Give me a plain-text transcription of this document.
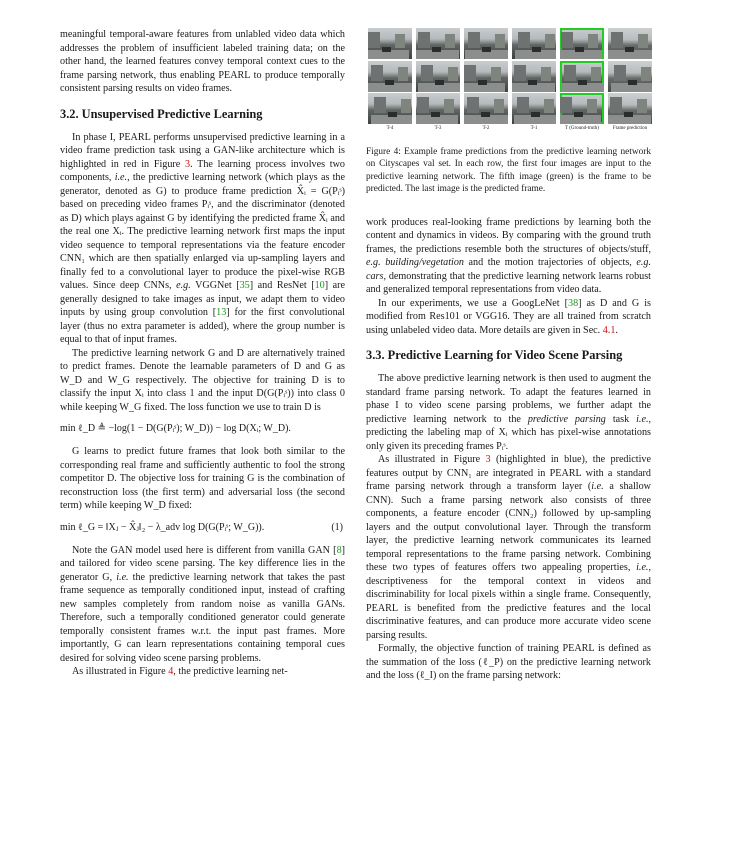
meaningful temporal-aware features from unlabled video data which addresses the problem of insufficient labeled training data; on the other hand, the learned features convey temporal context cues to the frame parsing network, thus enabling PEARL to produce temporally consistent parsing results on video frames.

3.2. Unsupervised Predictive Learning

In phase I, PEARL performs unsupervised predictive learning in a video frame prediction task using a GAN-like architecture which is highlighted in red in Figure 3. The learning process involves two components, i.e., the predictive learning network (which plays as the generator, denoted as G) to produce frame prediction X̂ᵢ = G(Pᵢˢ) based on preceding video frames Pᵢˢ, and the discriminator (denoted as D) which plays against G by identifying the predicted frame X̂ᵢ and the real one Xᵢ. The predictive learning network first maps the input video sequence to temporal representations via the feature encoder CNN₁ which are then spatially enlarged via up-sampling layers and finally fed to a convolutional layer to produce the pixel-wise RGB values. Since deep CNNs, e.g. VGGNet [35] and ResNet [10] are generally designed to take images as input, we adapt them to video inputs by using group convolution [13] for the first convolutional layer (thus no extra parameter is added), where the group number is equal to that of input frames.

The predictive learning network G and D are alternatively trained to predict frames. Denote the learnable parameters of D and G as W_D and W_G respectively. The objective for training D is to classify the input Xᵢ into class 1 and the input D(G(Pᵢˢ)) into class 0 while keeping W_G fixed. The loss function we use to train D is

min ℓ_D ≜ −log(1 − D(G(Pᵢˢ); W_D)) − log D(Xᵢ; W_D).

G learns to predict future frames that look both similar to the corresponding real frame and sufficiently authentic to fool the strong competitor D. The objective loss for training G is the combination of reconstruction loss (the first term) and adversarial loss (the second term) while keeping W_D fixed:

min ℓ_G = ‖Xⱼ − X̂ⱼ‖₂ − λ_adv log D(G(Pᵢˢ; W_G)).	(1)

Note the GAN model used here is different from vanilla GAN [8] and tailored for video scene parsing. The key difference lies in the generator G, i.e. the predictive learning network that takes the past frame sequence as temporally conditioned input, instead of crafting new samples completely from random noise as vanilla GANs. Therefore, such a temporally conditioned generator could generate temporally consistent frames w.r.t. the input past frames. More importantly, G can learn representations containing temporal cues desired for solving video scene parsing problems.

As illustrated in Figure 4, the predictive learning net-

T-4	T-3	T-2	T-1	T (Ground-truth)	Frame prediction

Figure 4: Example frame predictions from the predictive learning network on Cityscapes val set. In each row, the first four images are input to the predictive learning network. The fifth image (green) is the frame to be predicted. The last image is the predicted frame.

work produces real-looking frame predictions by learning both the content and dynamics in videos. By comparing with the ground truth frames, the predictions resemble both the structures of objects/stuff, e.g. building/vegetation and the motion trajectories of objects, e.g. cars, demonstrating that the predictive learning network learns robust and generalized temporal representations from video data.

In our experiments, we use a GoogLeNet [38] as D and G is modified from Res101 or VGG16. They are all trained from scratch using unlabeled video data. More details are given in Sec. 4.1.

3.3. Predictive Learning for Video Scene Parsing

The above predictive learning network is then used to augment the standard frame parsing network. To adapt the features learned in phase I to video scene parsing problems, we further adapt the predictive learning network to the predictive parsing task i.e., predicting the labeling map of Xᵢ which has pixel-wise annotations only given its preceding frames Pᵢˢ.

As illustrated in Figure 3 (highlighted in blue), the predictive features output by CNN₁ are integrated in PEARL with a standard frame parsing network through a transform layer (i.e. a shallow CNN). Such a frame parsing network also consists of three components, a feature encoder (CNN₂) followed by up-sampling layers and the output convolutional layer. Through the transform layer, the predictive learning network communicates its learned temporal representations to the frame parsing network. Combining these two types of features offers two appealing properties, i.e., descriptiveness for the temporal context in videos and discriminability for local pixels within a single frame. Consequently, PEARL is benefited from the predictive features and the local discriminative features, and can produce more accurate video scene parsing results.

Formally, the objective function of training PEARL is defined as the summation of the loss (ℓ_P) on the predictive learning network and the loss (ℓ_I) on the frame parsing network:
